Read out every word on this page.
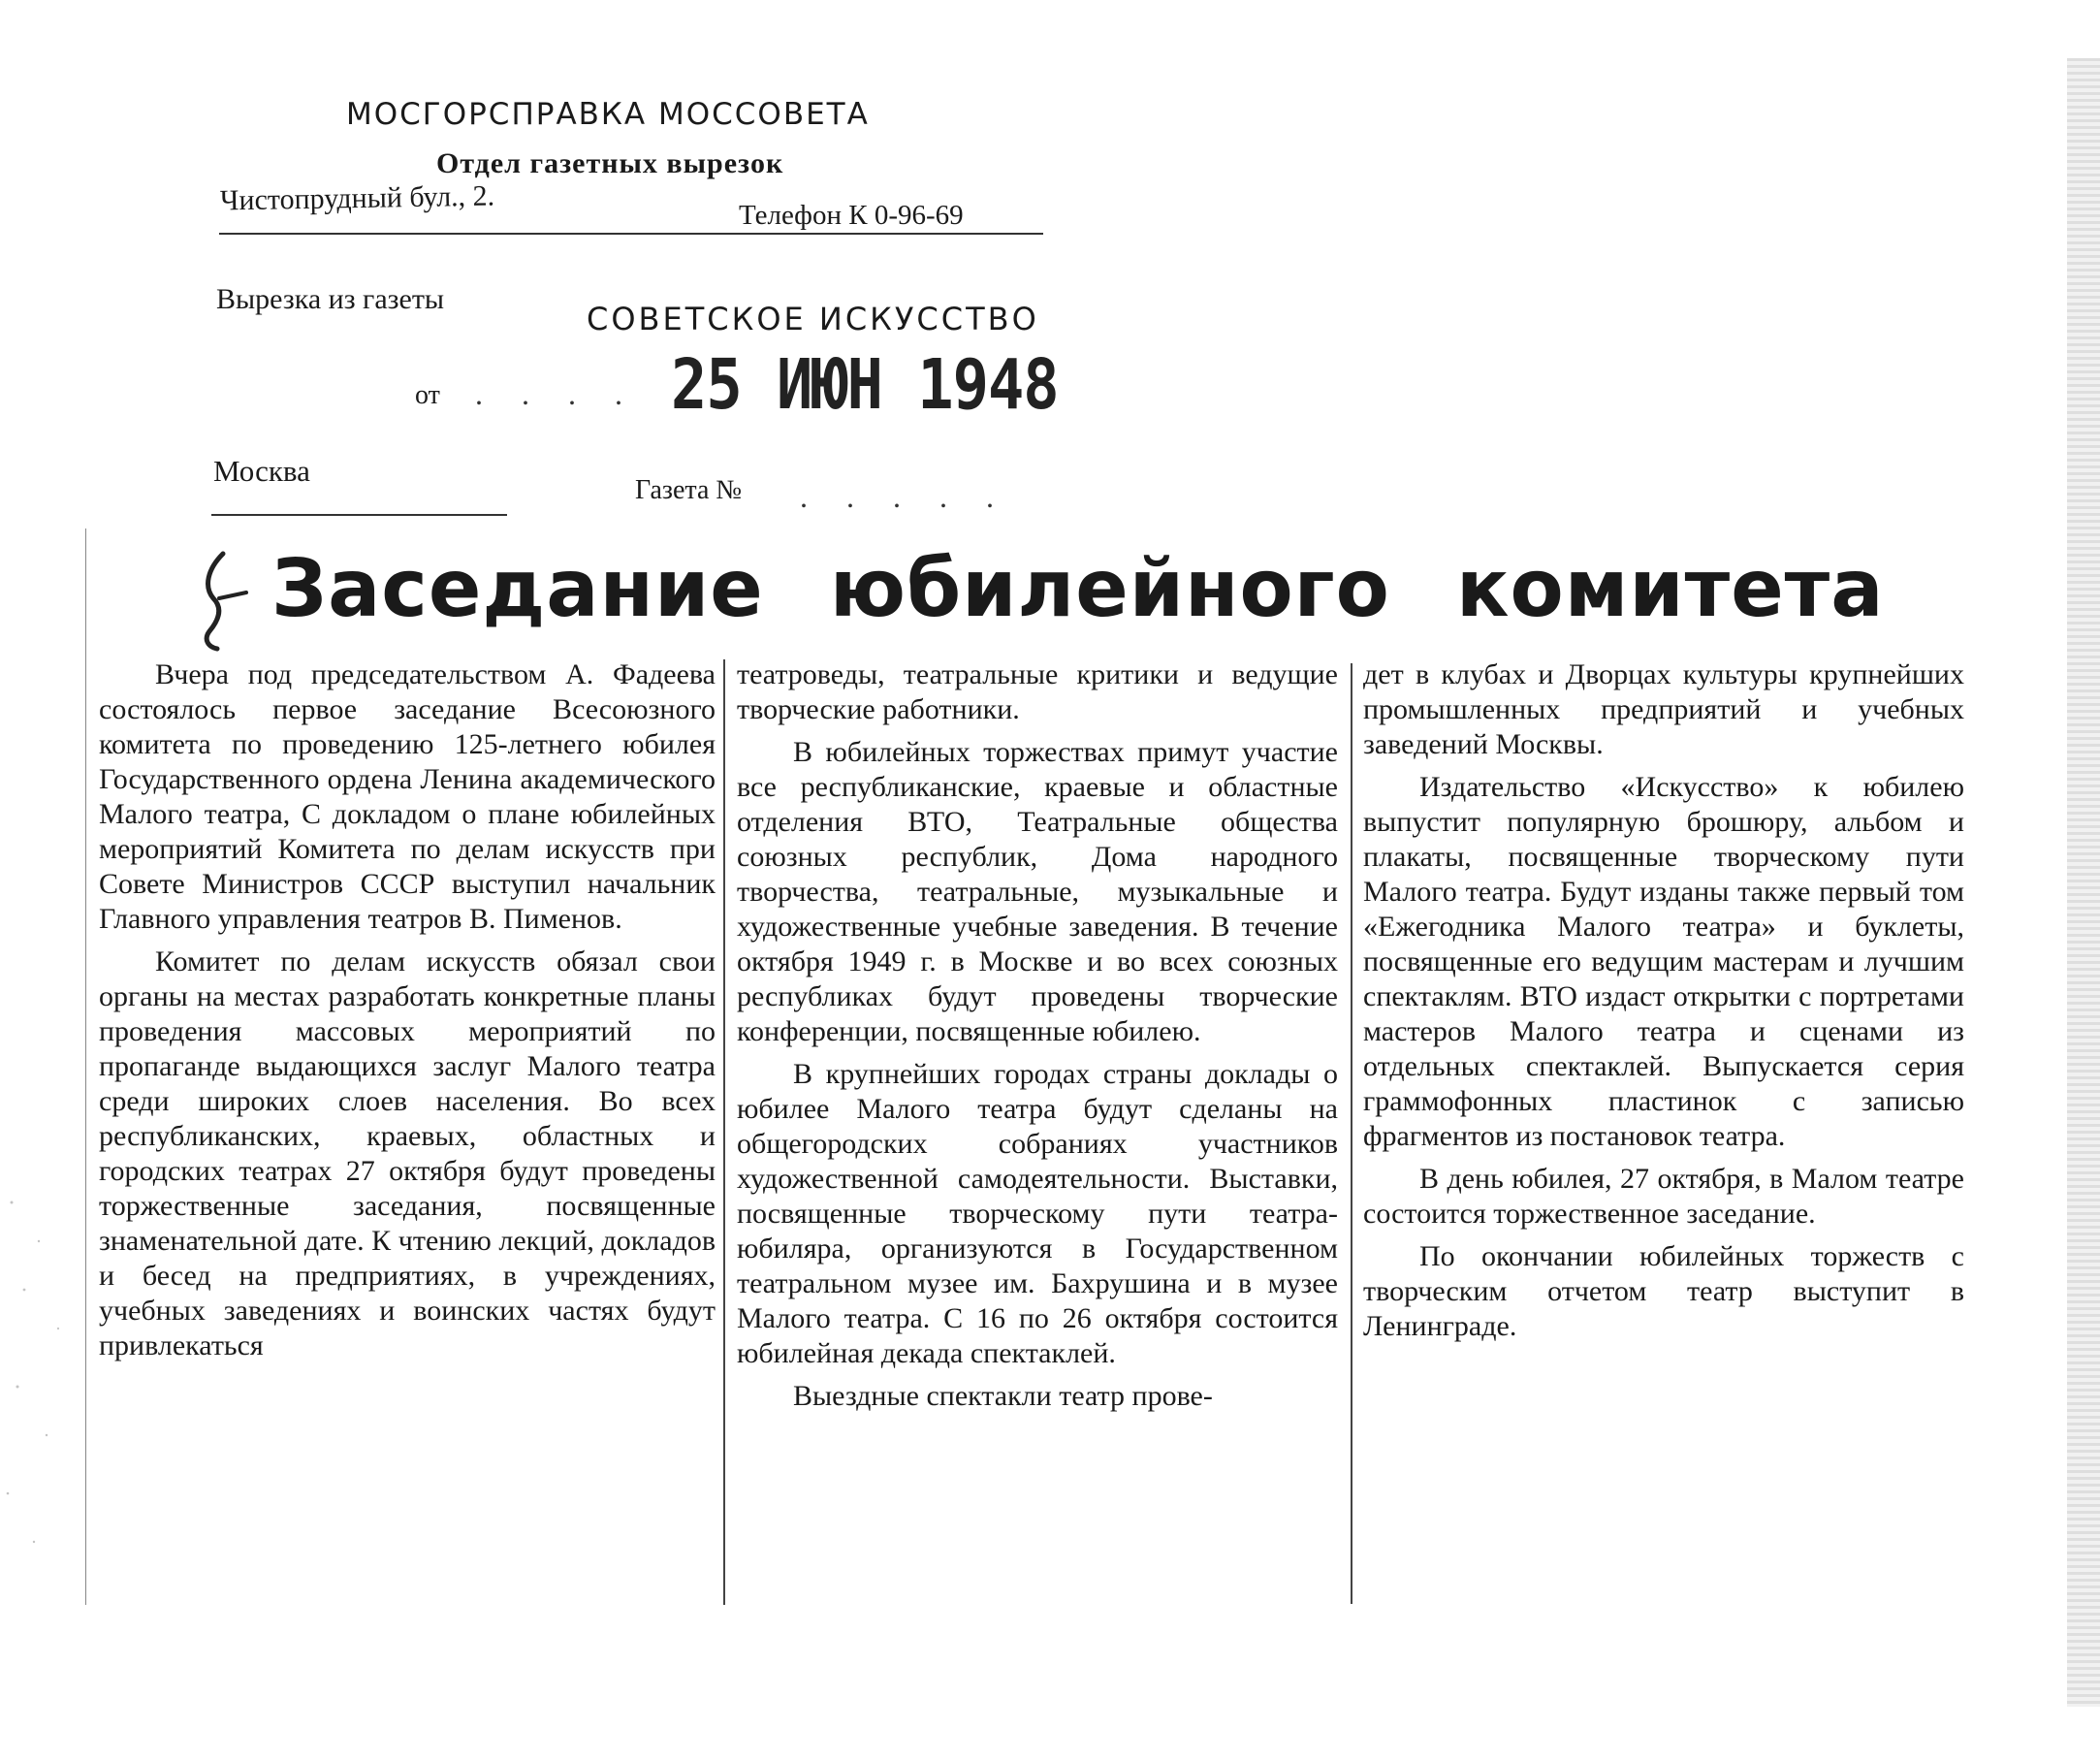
МОСГОРСПРАВКА МОССОВЕТА
Отдел газетных вырезок
Чистопрудный бул., 2.	Телефон К 0-96-69
Вырезка из газеты
СОВЕТСКОЕ ИСКУССТВО
от . . . . 25 ИЮН 1948
Москва
Газета № . . . . .
Заседание юбилейного комитета

Вчера под председательством А. Фадеева состоялось первое заседание Всесоюзного комитета по проведению 125-летнего юбилея Государственного ордена Ленина академического Малого театра, С докладом о плане юбилейных мероприятий Комитета по делам искусств при Совете Министров СССР выступил начальник Главного управления театров В. Пименов.

Комитет по делам искусств обязал свои органы на местах разработать конкретные планы проведения массовых мероприятий по пропаганде выдающихся заслуг Малого театра среди широких слоев населения. Во всех республиканских, краевых, областных и городских театрах 27 октября будут проведены торжественные заседания, посвященные знаменательной дате. К чтению лекций, докладов и бесед на предприятиях, в учреждениях, учебных заведениях и воинских частях будут привлекаться

театроведы, театральные критики и ведущие творческие работники.

В юбилейных торжествах примут участие все республиканские, краевые и областные отделения ВТО, Театральные общества союзных республик, Дома народного творчества, театральные, музыкальные и художественные учебные заведения. В течение октября 1949 г. в Москве и во всех союзных республиках будут проведены творческие конференции, посвященные юбилею.

В крупнейших городах страны доклады о юбилее Малого театра будут сделаны на общегородских собраниях участников художественной самодеятельности. Выставки, посвященные творческому пути театра-юбиляра, организуются в Государственном театральном музее им. Бахрушина и в музее Малого театра. С 16 по 26 октября состоится юбилейная декада спектаклей.

Выездные спектакли театр прове-

дет в клубах и Дворцах культуры крупнейших промышленных предприятий и учебных заведений Москвы.

Издательство «Искусство» к юбилею выпустит популярную брошюру, альбом и плакаты, посвященные творческому пути Малого театра. Будут изданы также первый том «Ежегодника Малого театра» и буклеты, посвященные его ведущим мастерам и лучшим спектаклям. ВТО издаст открытки с портретами мастеров Малого театра и сценами из отдельных спектаклей. Выпускается серия граммофонных пластинок с записью фрагментов из постановок театра.

В день юбилея, 27 октября, в Малом театре состоится торжественное заседание.

По окончании юбилейных торжеств с творческим отчетом театр выступит в Ленинграде.
